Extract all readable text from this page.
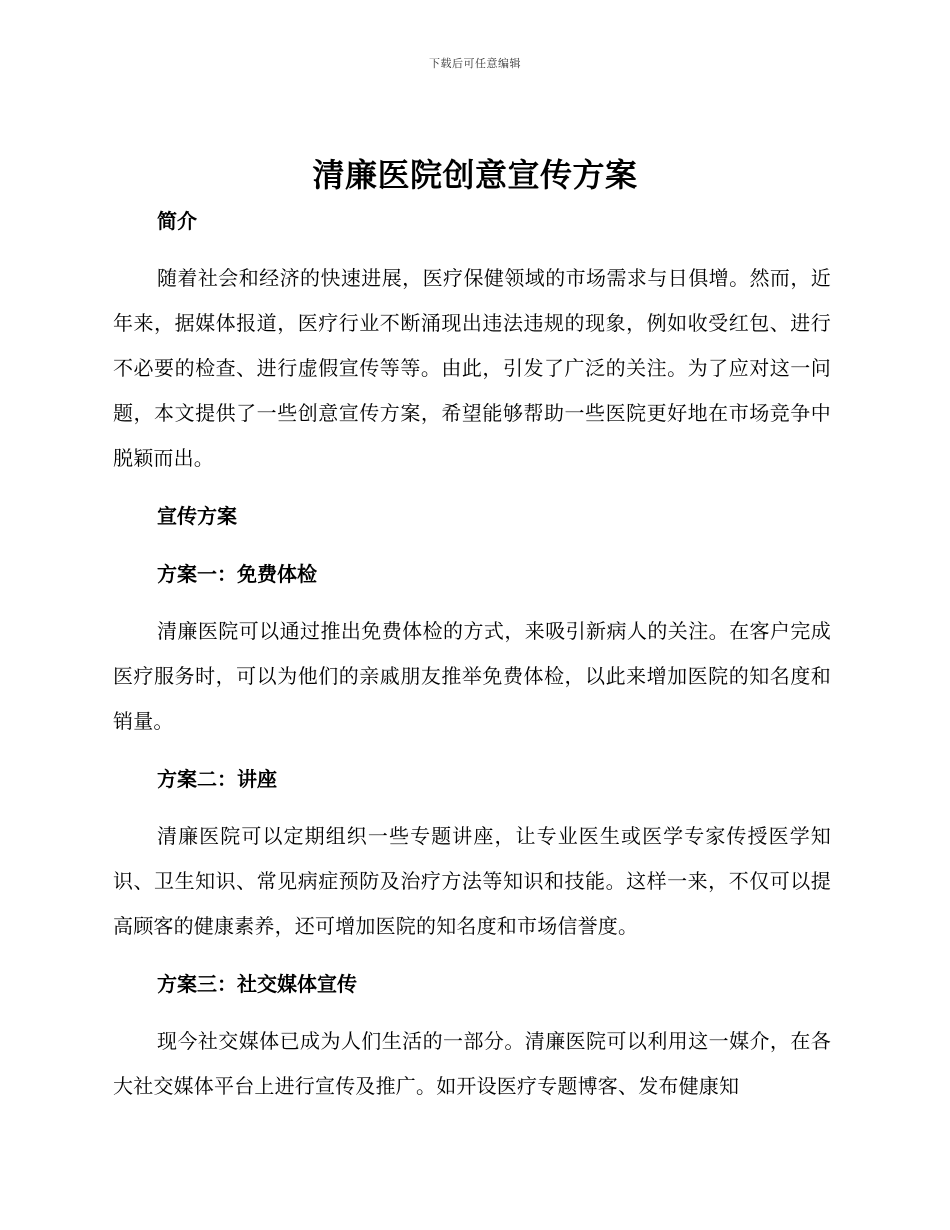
下载后可任意编辑
清廉医院创意宣传方案

简介

随着社会和经济的快速进展，医疗保健领域的市场需求与日俱增。然而，近年来，据媒体报道，医疗行业不断涌现出违法违规的现象，例如收受红包、进行不必要的检查、进行虚假宣传等等。由此，引发了广泛的关注。为了应对这一问题，本文提供了一些创意宣传方案，希望能够帮助一些医院更好地在市场竞争中脱颖而出。

宣传方案

方案一：免费体检

清廉医院可以通过推出免费体检的方式，来吸引新病人的关注。在客户完成医疗服务时，可以为他们的亲戚朋友推举免费体检，以此来增加医院的知名度和销量。

方案二：讲座

清廉医院可以定期组织一些专题讲座，让专业医生或医学专家传授医学知识、卫生知识、常见病症预防及治疗方法等知识和技能。这样一来，不仅可以提高顾客的健康素养，还可增加医院的知名度和市场信誉度。

方案三：社交媒体宣传

现今社交媒体已成为人们生活的一部分。清廉医院可以利用这一媒介，在各大社交媒体平台上进行宣传及推广。如开设医疗专题博客、发布健康知
